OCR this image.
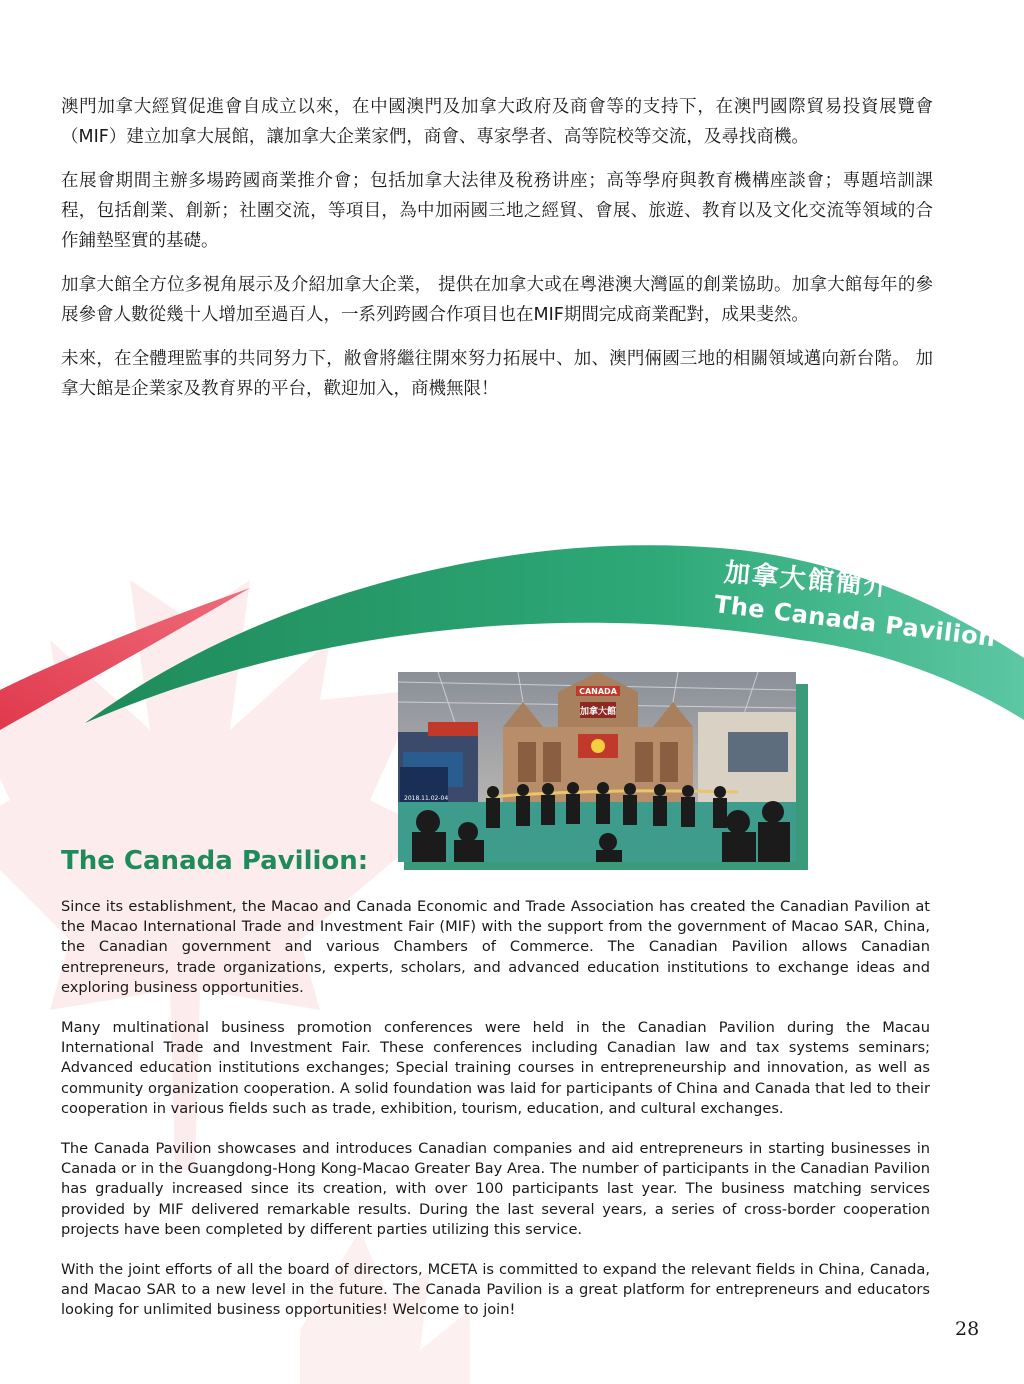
澳門加拿大經貿促進會自成立以來，在中國澳門及加拿大政府及商會等的支持下，在澳門國際貿易投資展覽會（MIF）建立加拿大展館，讓加拿大企業家們，商會、專家學者、高等院校等交流，及尋找商機。

在展會期間主辦多場跨國商業推介會；包括加拿大法律及稅務讲座；高等學府與教育機構座談會；專題培訓課程，包括創業、創新；社團交流，等項目，為中加兩國三地之經貿、會展、旅遊、教育以及文化交流等領域的合作鋪墊堅實的基礎。

加拿大館全方位多視角展示及介紹加拿大企業， 提供在加拿大或在粵港澳大灣區的創業協助。加拿大館每年的參展參會人數從幾十人增加至過百人，一系列跨國合作項目也在MIF期間完成商業配對，成果斐然。

未來，在全體理監事的共同努力下，敝會將繼往開來努力拓展中、加、澳門倆國三地的相關領域邁向新台階。 加拿大館是企業家及教育界的平台，歡迎加入，商機無限！

加拿大館簡介
The Canada Pavilion
CANADA
加拿大館
2018.11.02-04
The Canada Pavilion:

Since its establishment, the Macao and Canada Economic and Trade Association has created the Canadian Pavilion at the Macao International Trade and Investment Fair (MIF) with the support from the government of Macao SAR, China, the Canadian government and various Chambers of Commerce. The Canadian Pavilion allows Canadian entrepreneurs, trade organizations, experts, scholars, and advanced education institutions to exchange ideas and exploring business opportunities.

Many multinational business promotion conferences were held in the Canadian Pavilion during the Macau International Trade and Investment Fair. These conferences including Canadian law and tax systems seminars; Advanced education institutions exchanges; Special training courses in entrepreneurship and innovation, as well as community organization cooperation. A solid foundation was laid for participants of China and Canada that led to their cooperation in various fields such as trade, exhibition, tourism, education, and cultural exchanges.

The Canada Pavilion showcases and introduces Canadian companies and aid entrepreneurs in starting businesses in Canada or in the Guangdong-Hong Kong-Macao Greater Bay Area. The number of participants in the Canadian Pavilion has gradually increased since its creation, with over 100 participants last year. The business matching services provided by MIF delivered remarkable results. During the last several years, a series of cross-border cooperation projects have been completed by different parties utilizing this service.

With the joint efforts of all the board of directors, MCETA is committed to expand the relevant fields in China, Canada, and Macao SAR to a new level in the future. The Canada Pavilion is a great platform for entrepreneurs and educators looking for unlimited business opportunities! Welcome to join!

28
